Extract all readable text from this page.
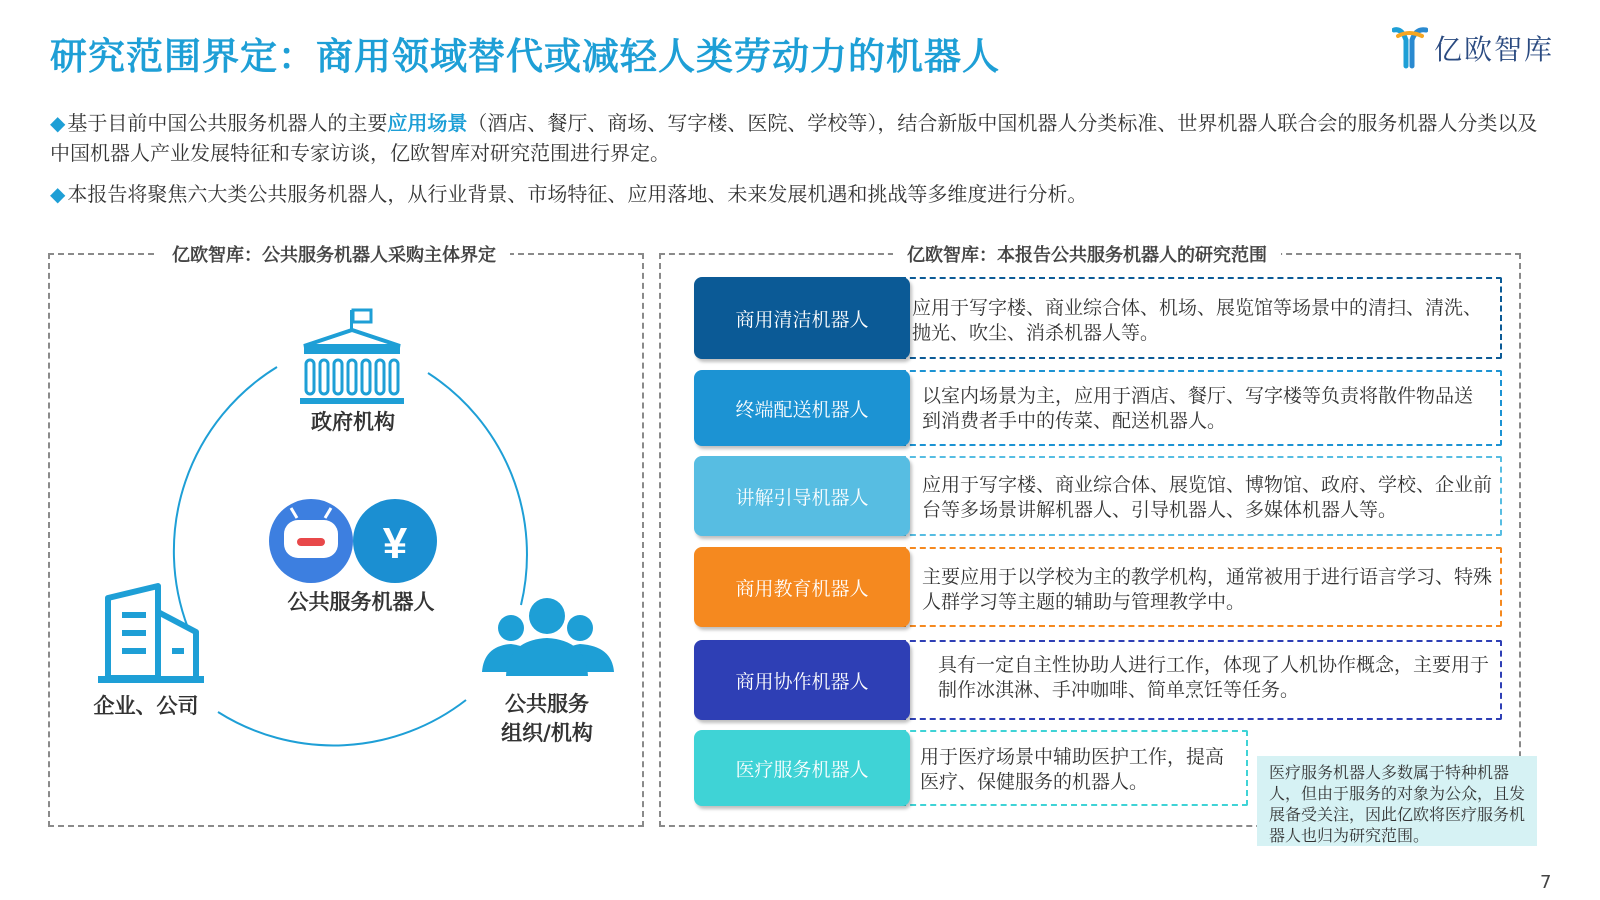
研究范围界定：商用领域替代或减轻人类劳动力的机器人	亿欧智库
◆ 基于目前中国公共服务机器人的主要应用场景（酒店、餐厅、商场、写字楼、医院、学校等），结合新版中国机器人分类标准、世界机器人联合会的服务机器人分类以及中国机器人产业发展特征和专家访谈，亿欧智库对研究范围进行界定。
◆ 本报告将聚焦六大类公共服务机器人，从行业背景、市场特征、应用落地、未来发展机遇和挑战等多维度进行分析。
亿欧智库：公共服务机器人采购主体界定
¥
政府机构
公共服务机器人
企业、公司	公共服务
组织/机构
亿欧智库：本报告公共服务机器人的研究范围
商用清洁机器人
应用于写字楼、商业综合体、机场、展览馆等场景中的清扫、清洗、抛光、吹尘、消杀机器人等。
终端配送机器人
以室内场景为主，应用于酒店、餐厅、写字楼等负责将散件物品送到消费者手中的传菜、配送机器人。
讲解引导机器人
应用于写字楼、商业综合体、展览馆、博物馆、政府、学校、企业前台等多场景讲解机器人、引导机器人、多媒体机器人等。
商用教育机器人
主要应用于以学校为主的教学机构，通常被用于进行语言学习、特殊人群学习等主题的辅助与管理教学中。
商用协作机器人
具有一定自主性协助人进行工作，体现了人机协作概念，主要用于制作冰淇淋、手冲咖啡、简单烹饪等任务。
医疗服务机器人
用于医疗场景中辅助医护工作，提高医疗、保健服务的机器人。	医疗服务机器人多数属于特种机器人，但由于服务的对象为公众，且发展备受关注，因此亿欧将医疗服务机器人也归为研究范围。
7
